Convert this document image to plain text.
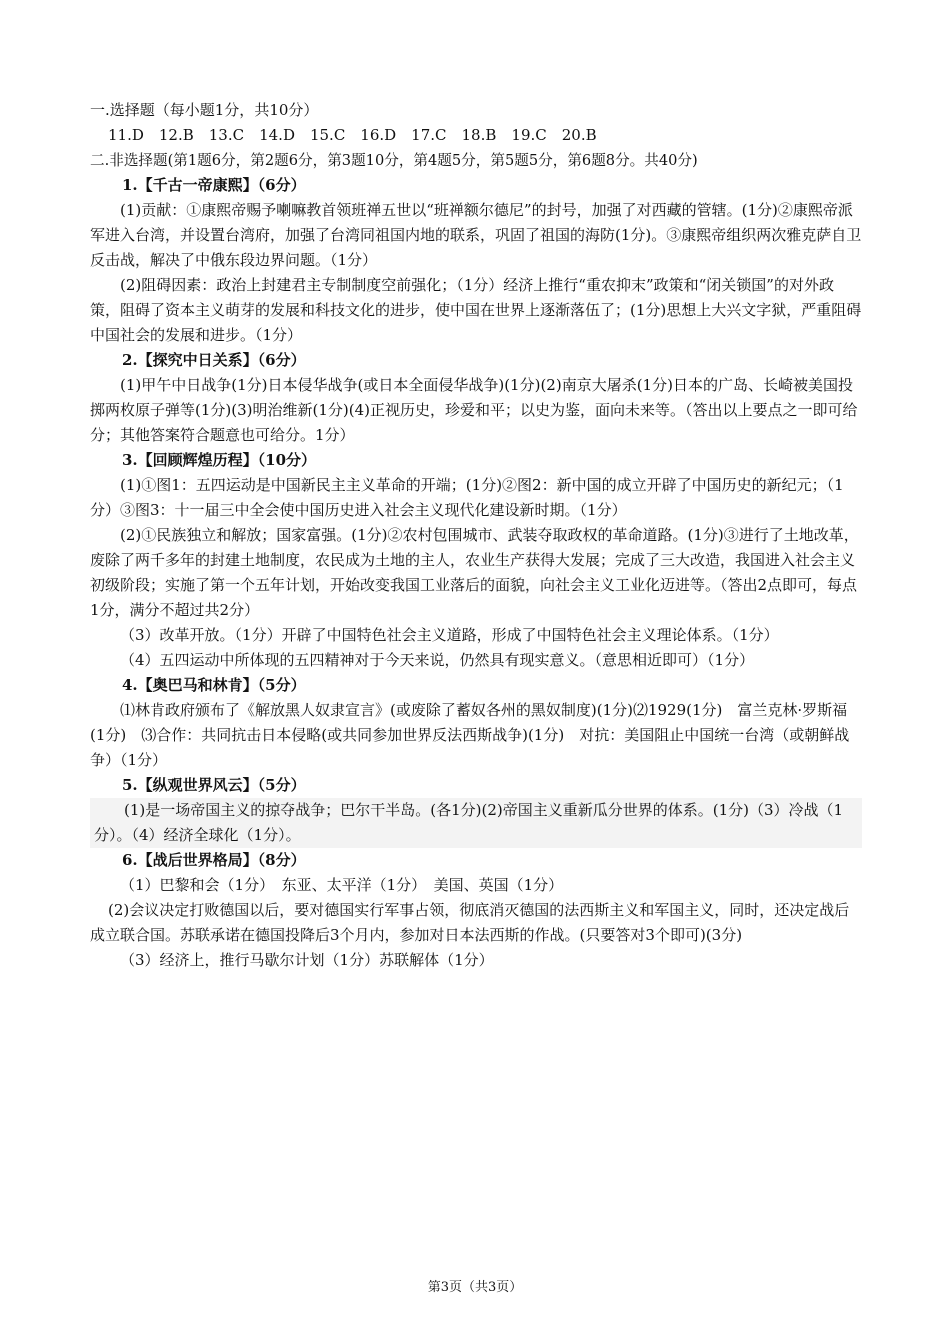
一.选择题（每小题1分，共10分）
11.D　12.B　13.C　14.D　15.C　16.D　17.C　18.B　19.C　20.B
二.非选择题(第1题6分，第2题6分，第3题10分，第4题5分，第5题5分，第6题8分。共40分)
1.【千古一帝康熙】（6分）
(1)贡献：①康熙帝赐予喇嘛教首领班禅五世以“班禅额尔德尼”的封号，加强了对西藏的管辖。(1分)②康熙帝派军进入台湾，并设置台湾府，加强了台湾同祖国内地的联系，巩固了祖国的海防(1分)。③康熙帝组织两次雅克萨自卫反击战，解决了中俄东段边界问题。（1分）
(2)阻碍因素：政治上封建君主专制制度空前强化；（1分）经济上推行“重农抑末”政策和“闭关锁国”的对外政策，阻碍了资本主义萌芽的发展和科技文化的进步，使中国在世界上逐渐落伍了；(1分)思想上大兴文字狱，严重阻碍中国社会的发展和进步。（1分）
2.【探究中日关系】（6分）
(1)甲午中日战争(1分)日本侵华战争(或日本全面侵华战争)(1分)(2)南京大屠杀(1分)日本的广岛、长崎被美国投掷两枚原子弹等(1分)(3)明治维新(1分)(4)正视历史，珍爱和平；以史为鉴，面向未来等。（答出以上要点之一即可给分；其他答案符合题意也可给分。1分）
3.【回顾辉煌历程】（10分）
(1)①图1：五四运动是中国新民主主义革命的开端；(1分)②图2：新中国的成立开辟了中国历史的新纪元；（1分）③图3：十一届三中全会使中国历史进入社会主义现代化建设新时期。（1分）
(2)①民族独立和解放；国家富强。(1分)②农村包围城市、武装夺取政权的革命道路。(1分)③进行了土地改革，废除了两千多年的封建土地制度，农民成为土地的主人，农业生产获得大发展；完成了三大改造，我国进入社会主义初级阶段；实施了第一个五年计划，开始改变我国工业落后的面貌，向社会主义工业化迈进等。（答出2点即可，每点1分，满分不超过共2分）
（3）改革开放。（1分）开辟了中国特色社会主义道路，形成了中国特色社会主义理论体系。（1分）
（4）五四运动中所体现的五四精神对于今天来说，仍然具有现实意义。（意思相近即可）（1分）
4.【奥巴马和林肯】（5分）
⑴林肯政府颁布了《解放黑人奴隶宣言》(或废除了蓄奴各州的黑奴制度)(1分)⑵1929(1分)　富兰克林·罗斯福(1分)　⑶合作：共同抗击日本侵略(或共同参加世界反法西斯战争)(1分)　对抗：美国阻止中国统一台湾（或朝鲜战争）（1分）
5.【纵观世界风云】（5分）
(1)是一场帝国主义的掠夺战争；巴尔干半岛。(各1分)(2)帝国主义重新瓜分世界的体系。(1分)（3）冷战（1分）。（4）经济全球化（1分）。
6.【战后世界格局】（8分）
（1）巴黎和会（1分）　东亚、太平洋（1分）　美国、英国（1分）
(2)会议决定打败德国以后，要对德国实行军事占领，彻底消灭德国的法西斯主义和军国主义，同时，还决定战后成立联合国。苏联承诺在德国投降后3个月内，参加对日本法西斯的作战。(只要答对3个即可)(3分)
（3）经济上，推行马歇尔计划（1分）苏联解体（1分）
第3页（共3页）
